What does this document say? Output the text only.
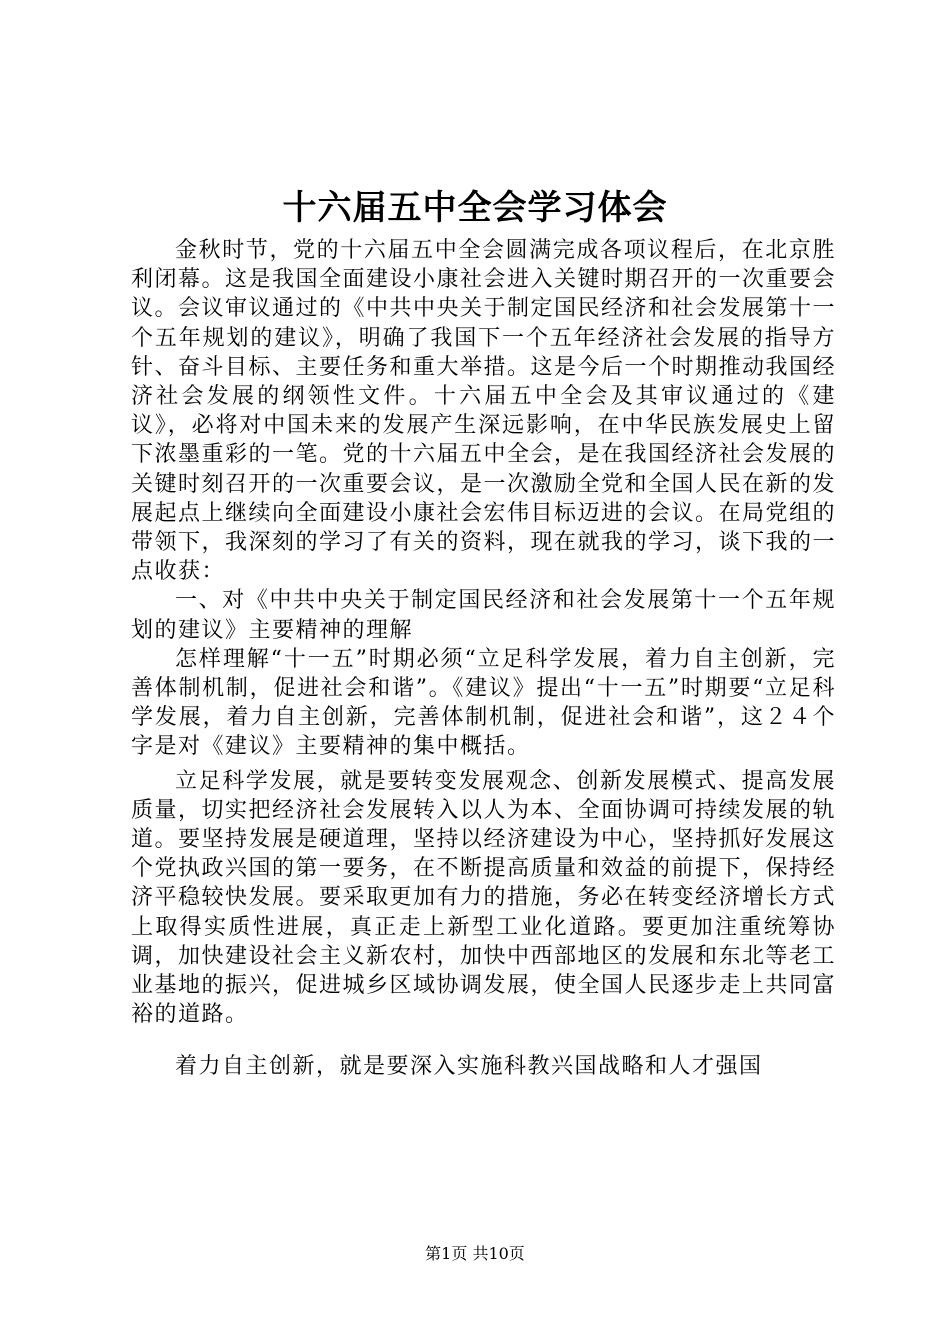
十六届五中全会学习体会

金秋时节，党的十六届五中全会圆满完成各项议程后，在北京胜利闭幕。这是我国全面建设小康社会进入关键时期召开的一次重要会议。会议审议通过的《中共中央关于制定国民经济和社会发展第十一个五年规划的建议》，明确了我国下一个五年经济社会发展的指导方针、奋斗目标、主要任务和重大举措。这是今后一个时期推动我国经济社会发展的纲领性文件。十六届五中全会及其审议通过的《建议》，必将对中国未来的发展产生深远影响，在中华民族发展史上留下浓墨重彩的一笔。党的十六届五中全会，是在我国经济社会发展的关键时刻召开的一次重要会议，是一次激励全党和全国人民在新的发展起点上继续向全面建设小康社会宏伟目标迈进的会议。在局党组的带领下，我深刻的学习了有关的资料，现在就我的学习，谈下我的一点收获：

一、对《中共中央关于制定国民经济和社会发展第十一个五年规划的建议》主要精神的理解

怎样理解“十一五”时期必须“立足科学发展，着力自主创新，完善体制机制，促进社会和谐”。《建议》提出“十一五”时期要“立足科学发展，着力自主创新，完善体制机制，促进社会和谐”，这２４个字是对《建议》主要精神的集中概括。

立足科学发展，就是要转变发展观念、创新发展模式、提高发展质量，切实把经济社会发展转入以人为本、全面协调可持续发展的轨道。要坚持发展是硬道理，坚持以经济建设为中心，坚持抓好发展这个党执政兴国的第一要务，在不断提高质量和效益的前提下，保持经济平稳较快发展。要采取更加有力的措施，务必在转变经济增长方式上取得实质性进展，真正走上新型工业化道路。要更加注重统筹协调，加快建设社会主义新农村，加快中西部地区的发展和东北等老工业基地的振兴，促进城乡区域协调发展，使全国人民逐步走上共同富裕的道路。

着力自主创新，就是要深入实施科教兴国战略和人才强国

第1页 共10页
